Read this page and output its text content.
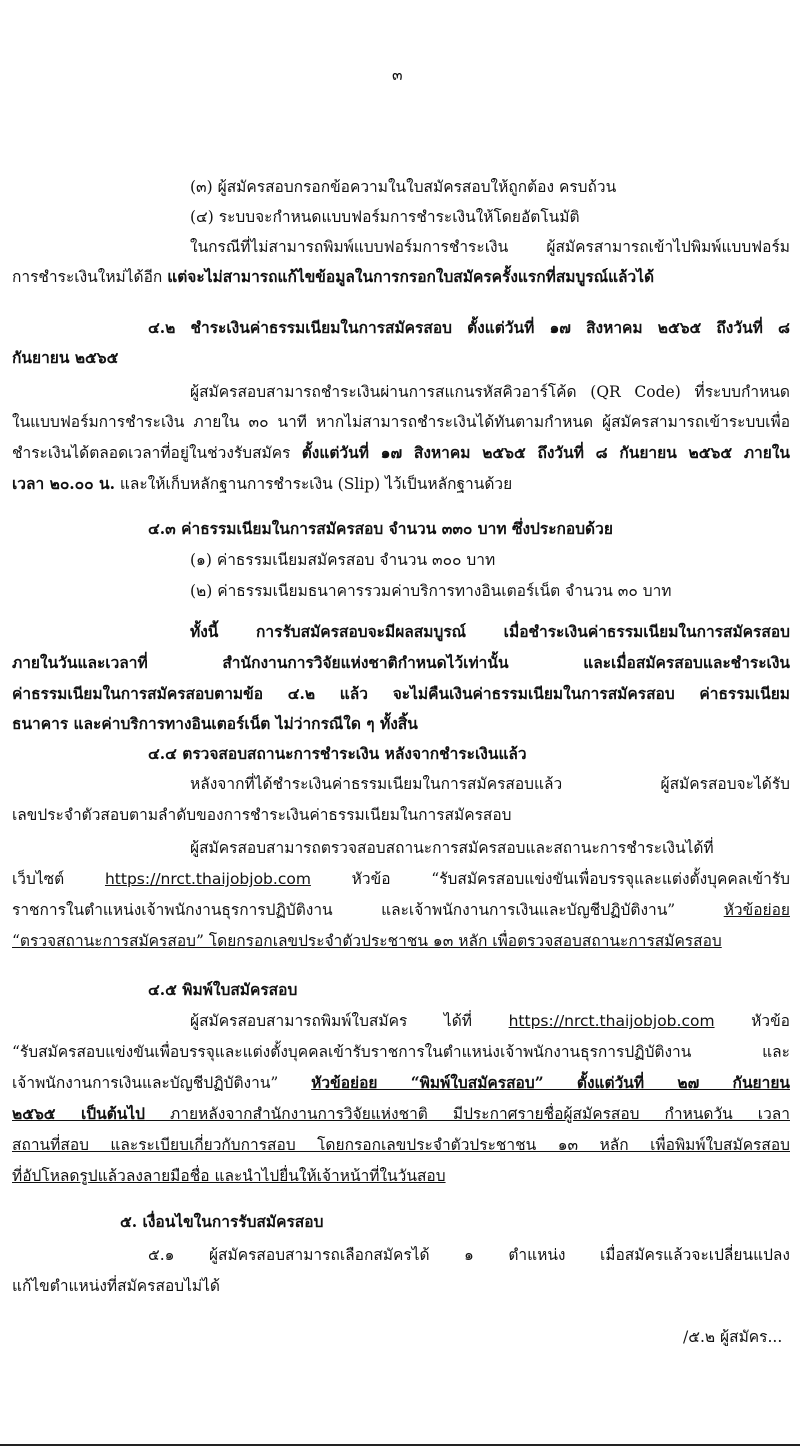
๓
(๓) ผู้สมัครสอบกรอกข้อความในใบสมัครสอบให้ถูกต้อง ครบถ้วน
(๔) ระบบจะกำหนดแบบฟอร์มการชำระเงินให้โดยอัตโนมัติ
ในกรณีที่ไม่สามารถพิมพ์แบบฟอร์มการชำระเงิน ผู้สมัครสามารถเข้าไปพิมพ์แบบฟอร์ม
การชำระเงินใหม่ได้อีก แต่จะไม่สามารถแก้ไขข้อมูลในการกรอกใบสมัครครั้งแรกที่สมบูรณ์แล้วได้
๔.๒ ชำระเงินค่าธรรมเนียมในการสมัครสอบ ตั้งแต่วันที่ ๑๗ สิงหาคม ๒๕๖๕ ถึงวันที่ ๘
กันยายน ๒๕๖๕
ผู้สมัครสอบสามารถชำระเงินผ่านการสแกนรหัสคิวอาร์โค้ด (QR Code) ที่ระบบกำหนด
ในแบบฟอร์มการชำระเงิน ภายใน ๓๐ นาที หากไม่สามารถชำระเงินได้ทันตามกำหนด ผู้สมัครสามารถเข้าระบบเพื่อ
ชำระเงินได้ตลอดเวลาที่อยู่ในช่วงรับสมัคร ตั้งแต่วันที่ ๑๗ สิงหาคม ๒๕๖๕ ถึงวันที่ ๘ กันยายน ๒๕๖๕ ภายใน
เวลา ๒๐.๐๐ น. และให้เก็บหลักฐานการชำระเงิน (Slip) ไว้เป็นหลักฐานด้วย
๔.๓ ค่าธรรมเนียมในการสมัครสอบ จำนวน ๓๓๐ บาท ซึ่งประกอบด้วย
(๑) ค่าธรรมเนียมสมัครสอบ จำนวน ๓๐๐ บาท
(๒) ค่าธรรมเนียมธนาคารรวมค่าบริการทางอินเตอร์เน็ต จำนวน ๓๐ บาท
ทั้งนี้ การรับสมัครสอบจะมีผลสมบูรณ์ เมื่อชำระเงินค่าธรรมเนียมในการสมัครสอบ
ภายในวันและเวลาที่ สำนักงานการวิจัยแห่งชาติกำหนดไว้เท่านั้น และเมื่อสมัครสอบและชำระเงิน
ค่าธรรมเนียมในการสมัครสอบตามข้อ ๔.๒ แล้ว จะไม่คืนเงินค่าธรรมเนียมในการสมัครสอบ ค่าธรรมเนียม
ธนาคาร และค่าบริการทางอินเตอร์เน็ต ไม่ว่ากรณีใด ๆ ทั้งสิ้น
๔.๔ ตรวจสอบสถานะการชำระเงิน หลังจากชำระเงินแล้ว
หลังจากที่ได้ชำระเงินค่าธรรมเนียมในการสมัครสอบแล้ว ผู้สมัครสอบจะได้รับ
เลขประจำตัวสอบตามลำดับของการชำระเงินค่าธรรมเนียมในการสมัครสอบ
ผู้สมัครสอบสามารถตรวจสอบสถานะการสมัครสอบและสถานะการชำระเงินได้ที่
เว็บไซต์ https://nrct.thaijobjob.com หัวข้อ “รับสมัครสอบแข่งขันเพื่อบรรจุและแต่งตั้งบุคคลเข้ารับ
ราชการในตำแหน่งเจ้าพนักงานธุรการปฏิบัติงาน และเจ้าพนักงานการเงินและบัญชีปฏิบัติงาน” หัวข้อย่อย
“ตรวจสถานะการสมัครสอบ” โดยกรอกเลขประจำตัวประชาชน ๑๓ หลัก เพื่อตรวจสอบสถานะการสมัครสอบ
๔.๕ พิมพ์ใบสมัครสอบ
ผู้สมัครสอบสามารถพิมพ์ใบสมัคร ได้ที่ https://nrct.thaijobjob.com หัวข้อ
“รับสมัครสอบแข่งขันเพื่อบรรจุและแต่งตั้งบุคคลเข้ารับราชการในตำแหน่งเจ้าพนักงานธุรการปฏิบัติงาน และ
เจ้าพนักงานการเงินและบัญชีปฏิบัติงาน” หัวข้อย่อย “พิมพ์ใบสมัครสอบ” ตั้งแต่วันที่ ๒๗ กันยายน
๒๕๖๕ เป็นต้นไป ภายหลังจากสำนักงานการวิจัยแห่งชาติ มีประกาศรายชื่อผู้สมัครสอบ กำหนดวัน เวลา
สถานที่สอบ และระเบียบเกี่ยวกับการสอบ โดยกรอกเลขประจำตัวประชาชน ๑๓ หลัก เพื่อพิมพ์ใบสมัครสอบ
ที่อัปโหลดรูปแล้วลงลายมือชื่อ และนำไปยื่นให้เจ้าหน้าที่ในวันสอบ
๕. เงื่อนไขในการรับสมัครสอบ
๕.๑ ผู้สมัครสอบสามารถเลือกสมัครได้ ๑ ตำแหน่ง เมื่อสมัครแล้วจะเปลี่ยนแปลง
แก้ไขตำแหน่งที่สมัครสอบไม่ได้
/๕.๒ ผู้สมัคร...
